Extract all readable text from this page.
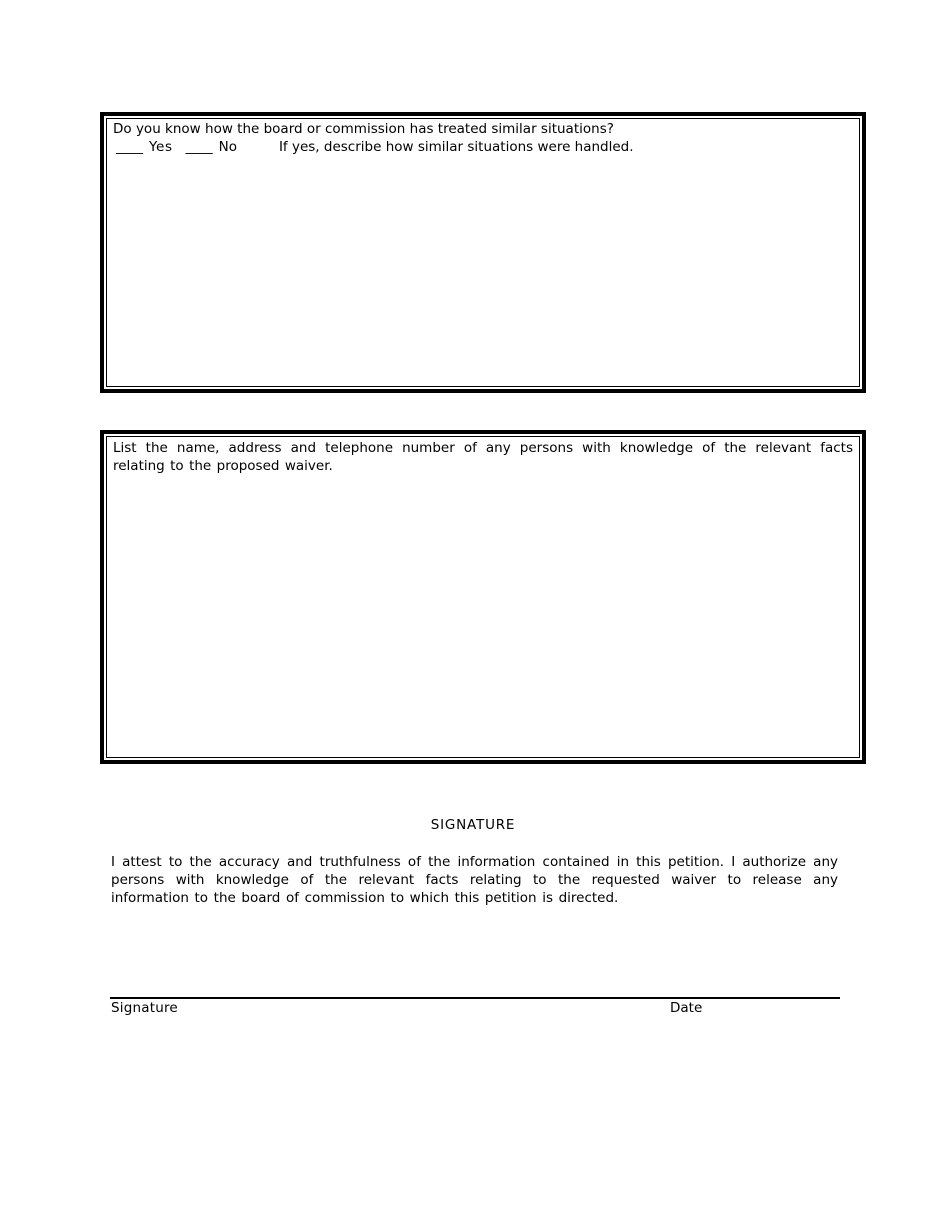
Do you know how the board or commission has treated similar situations?

____ Yes ____ No	If yes, describe how similar situations were handled.

List the name, address and telephone number of any persons with knowledge of the relevant facts relating to the proposed waiver.

SIGNATURE

I attest to the accuracy and truthfulness of the information contained in this petition. I authorize any persons with knowledge of the relevant facts relating to the requested waiver to release any information to the board of commission to which this petition is directed.

Signature	Date
